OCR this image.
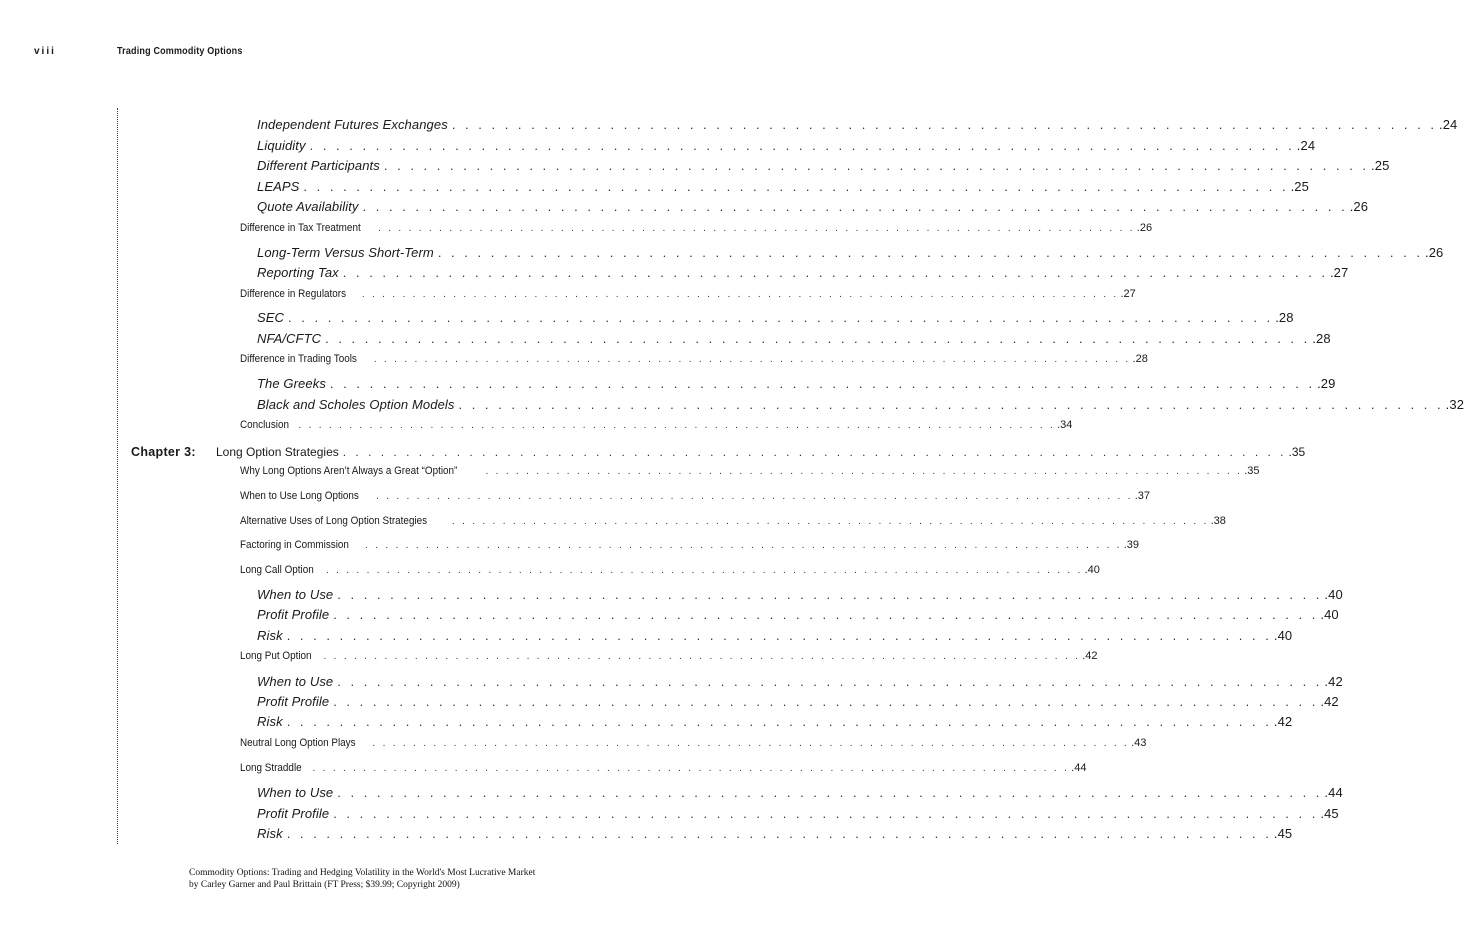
viii	Trading Commodity Options
Independent Futures Exchanges . . . . . . . . . . . . . . . . . . . . . . . . . . . . . . . . . . . . . . . . . . . . . . . . . . . . . . . . . . . . . . . . . . . . . . . . . . . .24
Liquidity . . . . . . . . . . . . . . . . . . . . . . . . . . . . . . . . . . . . . . . . . . . . . . . . . . . . . . . . . . . . . . . . . . . . . . . . . . . .24
Different Participants . . . . . . . . . . . . . . . . . . . . . . . . . . . . . . . . . . . . . . . . . . . . . . . . . . . . . . . . . . . . . . . . . . . . . . . . . . . .25
LEAPS . . . . . . . . . . . . . . . . . . . . . . . . . . . . . . . . . . . . . . . . . . . . . . . . . . . . . . . . . . . . . . . . . . . . . . . . . . . .25
Quote Availability . . . . . . . . . . . . . . . . . . . . . . . . . . . . . . . . . . . . . . . . . . . . . . . . . . . . . . . . . . . . . . . . . . . . . . . . . . . .26
Difference in Tax Treatment . . . . . . . . . . . . . . . . . . . . . . . . . . . . . . . . . . . . . . . . . . . . . . . . . . . . . . . . . . . . . . . . . . . . . . . . . . . .26
Long-Term Versus Short-Term . . . . . . . . . . . . . . . . . . . . . . . . . . . . . . . . . . . . . . . . . . . . . . . . . . . . . . . . . . . . . . . . . . . . . . . . . . . .26
Reporting Tax . . . . . . . . . . . . . . . . . . . . . . . . . . . . . . . . . . . . . . . . . . . . . . . . . . . . . . . . . . . . . . . . . . . . . . . . . . . .27
Difference in Regulators . . . . . . . . . . . . . . . . . . . . . . . . . . . . . . . . . . . . . . . . . . . . . . . . . . . . . . . . . . . . . . . . . . . . . . . . . . . .27
SEC . . . . . . . . . . . . . . . . . . . . . . . . . . . . . . . . . . . . . . . . . . . . . . . . . . . . . . . . . . . . . . . . . . . . . . . . . . . .28
NFA/CFTC . . . . . . . . . . . . . . . . . . . . . . . . . . . . . . . . . . . . . . . . . . . . . . . . . . . . . . . . . . . . . . . . . . . . . . . . . . . .28
Difference in Trading Tools . . . . . . . . . . . . . . . . . . . . . . . . . . . . . . . . . . . . . . . . . . . . . . . . . . . . . . . . . . . . . . . . . . . . . . . . . . . .28
The Greeks . . . . . . . . . . . . . . . . . . . . . . . . . . . . . . . . . . . . . . . . . . . . . . . . . . . . . . . . . . . . . . . . . . . . . . . . . . . .29
Black and Scholes Option Models . . . . . . . . . . . . . . . . . . . . . . . . . . . . . . . . . . . . . . . . . . . . . . . . . . . . . . . . . . . . . . . . . . . . . . . . . . . .32
Conclusion . . . . . . . . . . . . . . . . . . . . . . . . . . . . . . . . . . . . . . . . . . . . . . . . . . . . . . . . . . . . . . . . . . . . . . . . . . . .34
Chapter 3: Long Option Strategies . . . . . . . . . . . . . . . . . . . . . . . . . . . . . . . . . . . . . . . . . . . . . . . . . . . . . . . . . . . . . . . . . . . . . . . . . . . .35
Why Long Options Aren’t Always a Great “Option”	. . . . . . . . . . . . . . . . . . . . . . . . . . . . . . . . . . . . . . . . . . . . . . . . . . . . . . . . . . . . . . . . . . . . . . . . . . . .35
When to Use Long Options . . . . . . . . . . . . . . . . . . . . . . . . . . . . . . . . . . . . . . . . . . . . . . . . . . . . . . . . . . . . . . . . . . . . . . . . . . . .37
Alternative Uses of Long Option Strategies . . . . . . . . . . . . . . . . . . . . . . . . . . . . . . . . . . . . . . . . . . . . . . . . . . . . . . . . . . . . . . . . . . . . . . . . . . . .38
Factoring in Commission . . . . . . . . . . . . . . . . . . . . . . . . . . . . . . . . . . . . . . . . . . . . . . . . . . . . . . . . . . . . . . . . . . . . . . . . . . . .39
Long Call Option . . . . . . . . . . . . . . . . . . . . . . . . . . . . . . . . . . . . . . . . . . . . . . . . . . . . . . . . . . . . . . . . . . . . . . . . . . . .40
When to Use . . . . . . . . . . . . . . . . . . . . . . . . . . . . . . . . . . . . . . . . . . . . . . . . . . . . . . . . . . . . . . . . . . . . . . . . . . . .40
Profit Profile . . . . . . . . . . . . . . . . . . . . . . . . . . . . . . . . . . . . . . . . . . . . . . . . . . . . . . . . . . . . . . . . . . . . . . . . . . . .40
Risk . . . . . . . . . . . . . . . . . . . . . . . . . . . . . . . . . . . . . . . . . . . . . . . . . . . . . . . . . . . . . . . . . . . . . . . . . . . .40
Long Put Option . . . . . . . . . . . . . . . . . . . . . . . . . . . . . . . . . . . . . . . . . . . . . . . . . . . . . . . . . . . . . . . . . . . . . . . . . . . .42
When to Use . . . . . . . . . . . . . . . . . . . . . . . . . . . . . . . . . . . . . . . . . . . . . . . . . . . . . . . . . . . . . . . . . . . . . . . . . . . .42
Profit Profile . . . . . . . . . . . . . . . . . . . . . . . . . . . . . . . . . . . . . . . . . . . . . . . . . . . . . . . . . . . . . . . . . . . . . . . . . . . .42
Risk . . . . . . . . . . . . . . . . . . . . . . . . . . . . . . . . . . . . . . . . . . . . . . . . . . . . . . . . . . . . . . . . . . . . . . . . . . . .42
Neutral Long Option Plays . . . . . . . . . . . . . . . . . . . . . . . . . . . . . . . . . . . . . . . . . . . . . . . . . . . . . . . . . . . . . . . . . . . . . . . . . . . .43
Long Straddle . . . . . . . . . . . . . . . . . . . . . . . . . . . . . . . . . . . . . . . . . . . . . . . . . . . . . . . . . . . . . . . . . . . . . . . . . . . .44
When to Use . . . . . . . . . . . . . . . . . . . . . . . . . . . . . . . . . . . . . . . . . . . . . . . . . . . . . . . . . . . . . . . . . . . . . . . . . . . .44
Profit Profile . . . . . . . . . . . . . . . . . . . . . . . . . . . . . . . . . . . . . . . . . . . . . . . . . . . . . . . . . . . . . . . . . . . . . . . . . . . .45
Risk . . . . . . . . . . . . . . . . . . . . . . . . . . . . . . . . . . . . . . . . . . . . . . . . . . . . . . . . . . . . . . . . . . . . . . . . . . . .45
Commodity Options: Trading and Hedging Volatility in the World's Most Lucrative Market
by Carley Garner and Paul Brittain (FT Press; $39.99; Copyright 2009)
